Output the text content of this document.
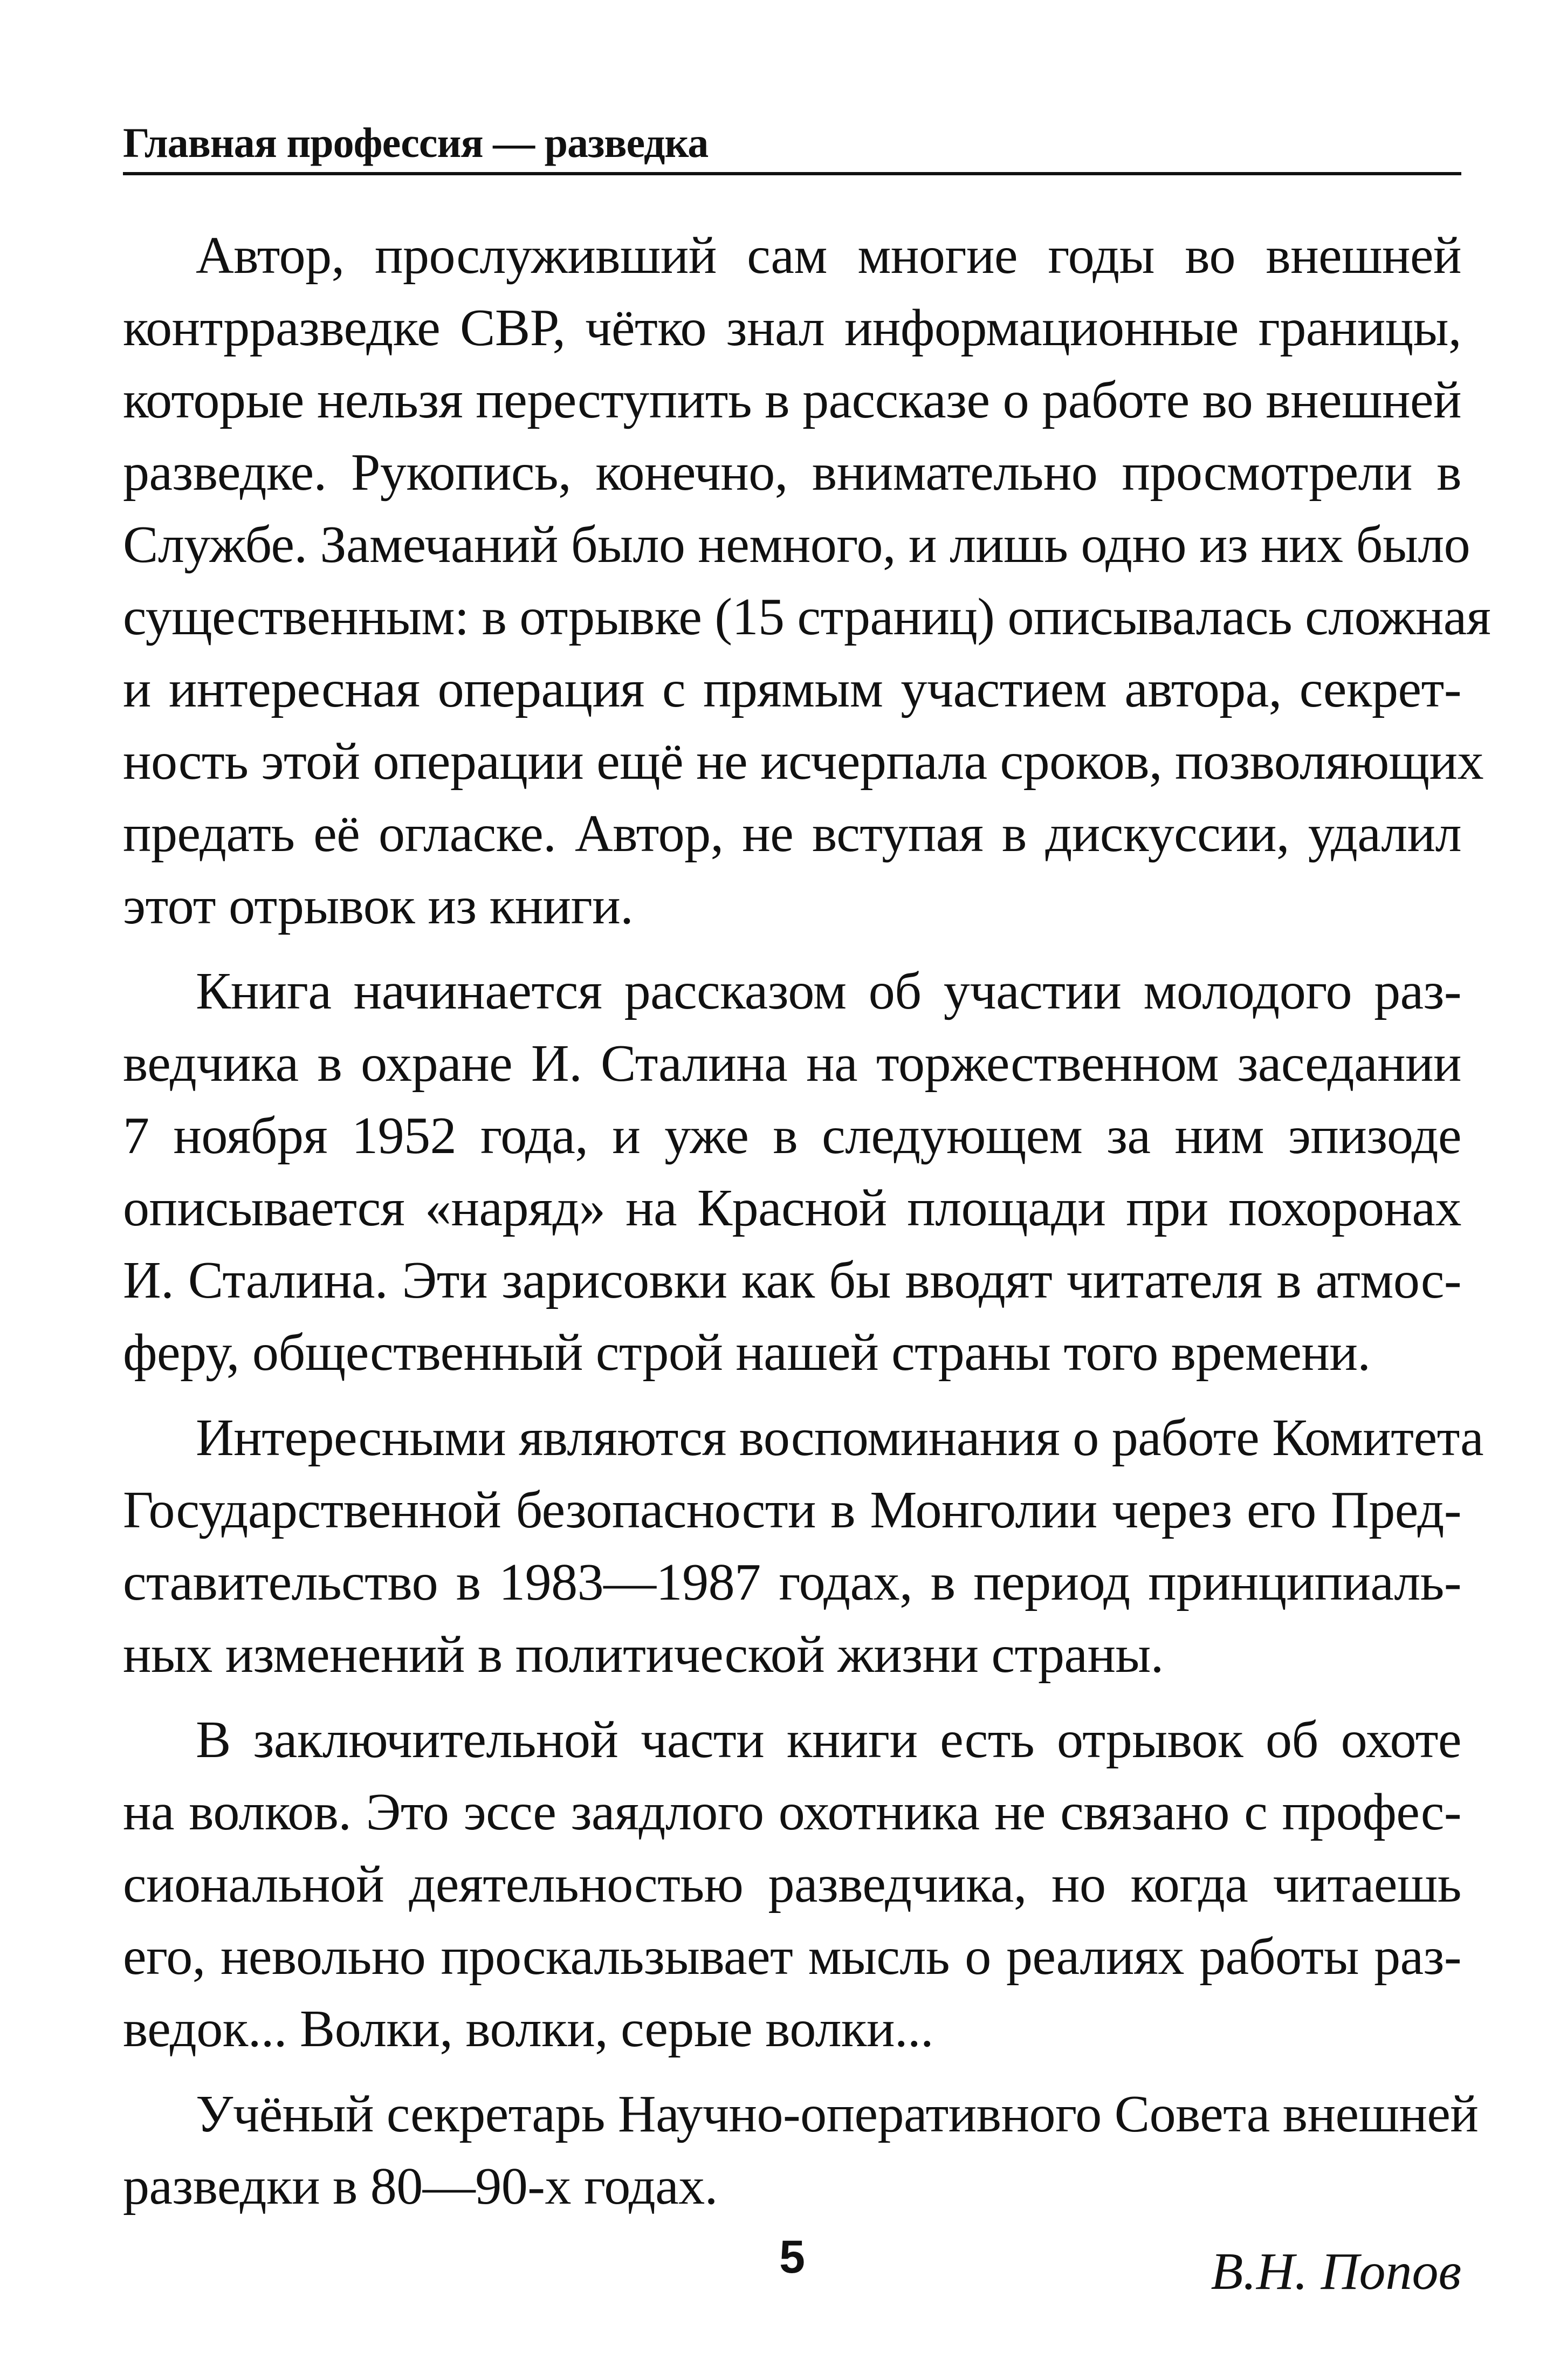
Главная профессия — разведка
Автор, прослуживший сам многие годы во внешней
контрразведке СВР, чётко знал информационные границы,
которые нельзя переступить в рассказе о работе во внешней
разведке. Рукопись, конечно, внимательно просмотрели в
Службе. Замечаний было немного, и лишь одно из них было
существенным: в отрывке (15 страниц) описывалась сложная
и интересная операция с прямым участием автора, секрет-
ность этой операции ещё не исчерпала сроков, позволяющих
предать её огласке. Автор, не вступая в дискуссии, удалил
этот отрывок из книги.
Книга начинается рассказом об участии молодого раз-
ведчика в охране И. Сталина на торжественном заседании
7 ноября 1952 года, и уже в следующем за ним эпизоде
описывается «наряд» на Красной площади при похоронах
И. Сталина. Эти зарисовки как бы вводят читателя в атмос-
феру, общественный строй нашей страны того времени.
Интересными являются воспоминания о работе Комитета
Государственной безопасности в Монголии через его Пред-
ставительство в 1983—1987 годах, в период принципиаль-
ных изменений в политической жизни страны.
В заключительной части книги есть отрывок об охоте
на волков. Это эссе заядлого охотника не связано с профес-
сиональной деятельностью разведчика, но когда читаешь
его, невольно проскальзывает мысль о реалиях работы раз-
ведок... Волки, волки, серые волки...
Учёный секретарь Научно-оперативного Совета внешней
разведки в 80—90-х годах.
В.Н. Попов
5
